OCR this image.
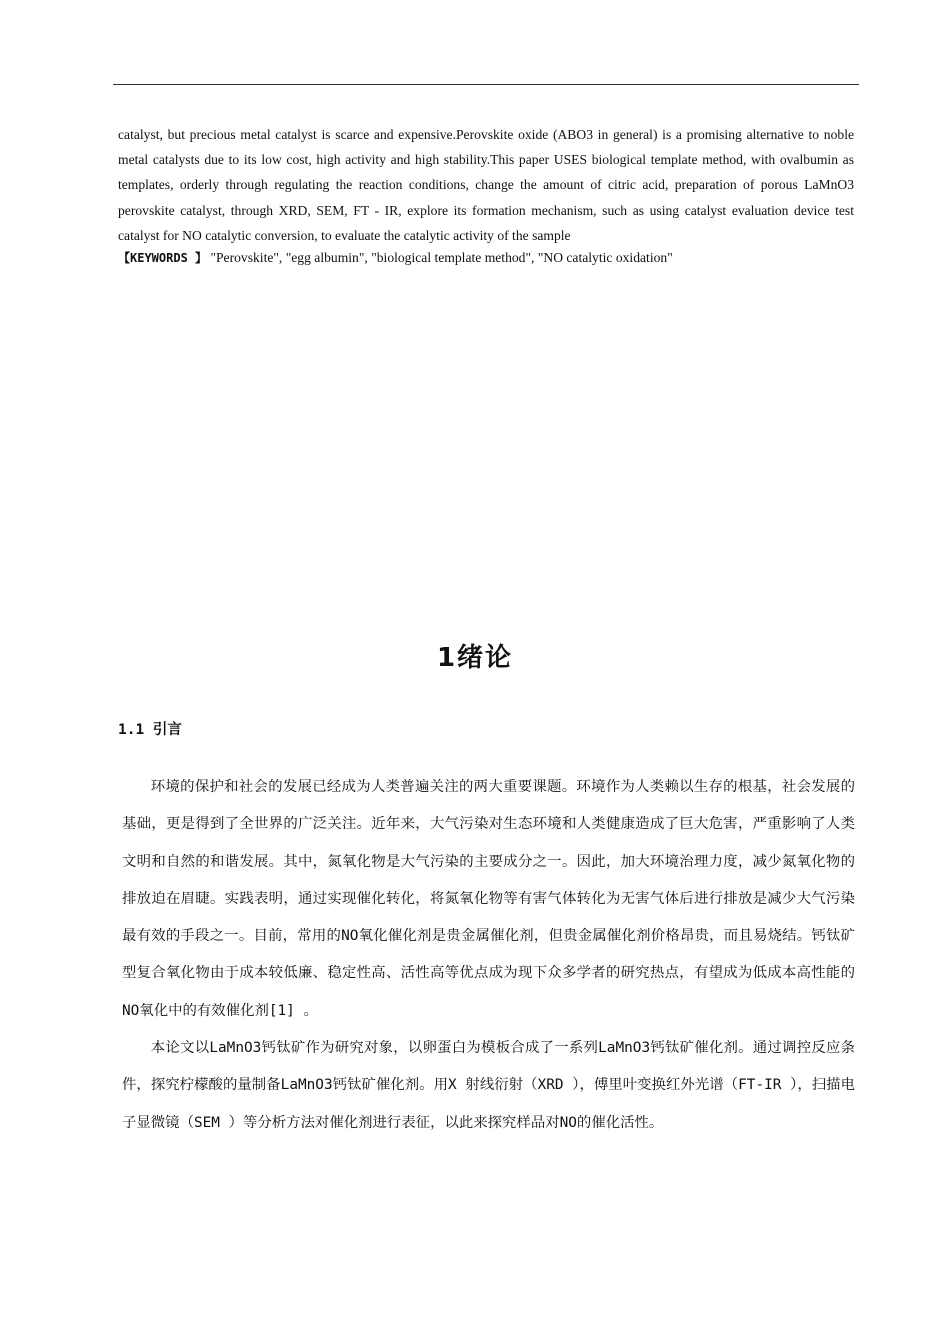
catalyst, but precious metal catalyst is scarce and expensive.Perovskite oxide (ABO3 in general) is a promising alternative to noble metal catalysts due to its low cost, high activity and high stability.This paper USES biological template method, with ovalbumin as templates, orderly through regulating the reaction conditions, change the amount of citric acid, preparation of porous LaMnO3 perovskite catalyst, through XRD, SEM, FT - IR, explore its formation mechanism, such as using catalyst evaluation device test catalyst for NO catalytic conversion, to evaluate the catalytic activity of the sample
【KEYWORDS 】 "Perovskite", "egg albumin", "biological template method", "NO catalytic oxidation"
1绪论
1.1 引言

环境的保护和社会的发展已经成为人类普遍关注的两大重要课题。环境作为人类赖以生存的根基，社会发展的基础，更是得到了全世界的广泛关注。近年来，大气污染对生态环境和人类健康造成了巨大危害，严重影响了人类文明和自然的和谐发展。其中，氮氧化物是大气污染的主要成分之一。因此，加大环境治理力度，减少氮氧化物的排放迫在眉睫。实践表明，通过实现催化转化，将氮氧化物等有害气体转化为无害气体后进行排放是减少大气污染最有效的手段之一。目前，常用的NO氧化催化剂是贵金属催化剂，但贵金属催化剂价格昂贵，而且易烧结。钙钛矿型复合氧化物由于成本较低廉、稳定性高、活性高等优点成为现下众多学者的研究热点，有望成为低成本高性能的NO氧化中的有效催化剂[1] 。

本论文以LaMnO3钙钛矿作为研究对象，以卵蛋白为模板合成了一系列LaMnO3钙钛矿催化剂。通过调控反应条件，探究柠檬酸的量制备LaMnO3钙钛矿催化剂。用X 射线衍射（XRD ），傅里叶变换红外光谱（FT-IR ），扫描电子显微镜（SEM ）等分析方法对催化剂进行表征，以此来探究样品对NO的催化活性。
